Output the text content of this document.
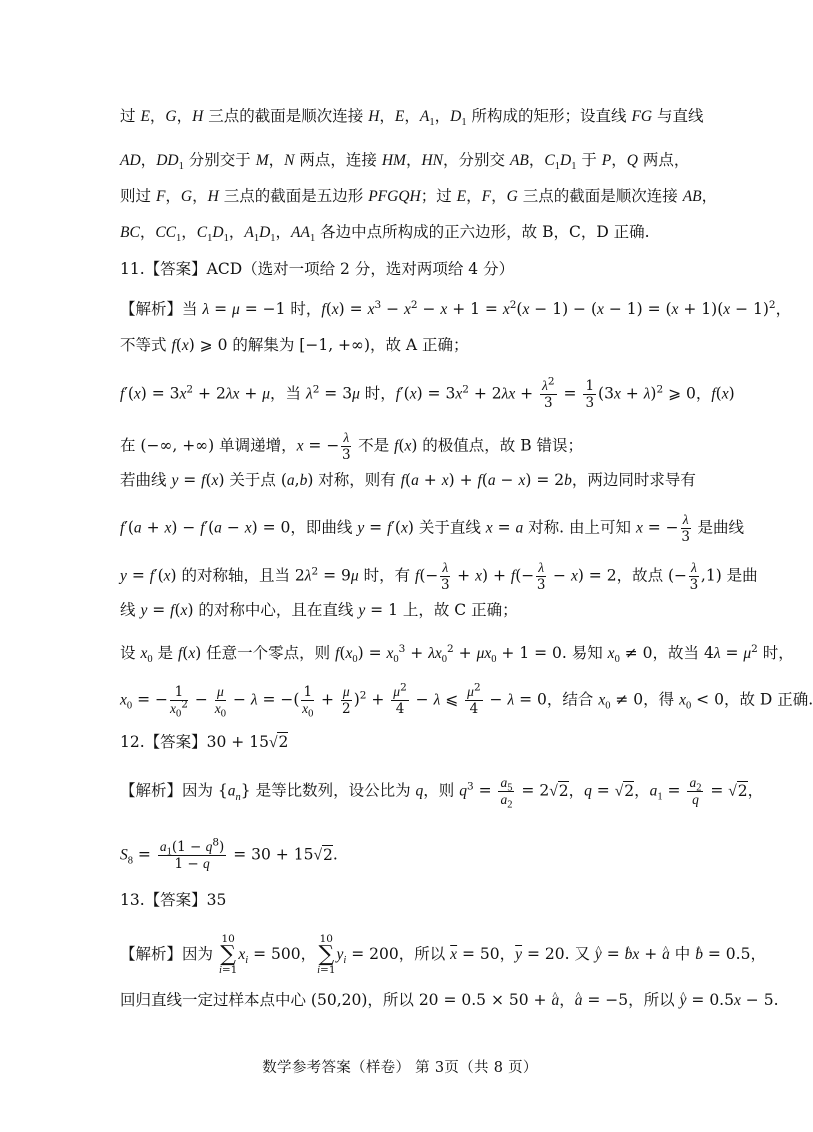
过 E，G，H 三点的截面是顺次连接 H，E，$A_1$，$D_1$ 所构成的矩形；设直线 FG 与直线
AD，$DD_1$ 分别交于 M，N 两点，连接 HM，HN，分别交 AB，$C_1D_1$ 于 P，Q 两点，
则过 F，G，H 三点的截面是五边形 PFGQH；过 E，F，G 三点的截面是顺次连接 AB，
BC，$CC_1$，$C_1D_1$，$A_1D_1$，$AA_1$ 各边中点所构成的正六边形，故 B，C，D 正确.
11.【答案】ACD（选对一项给 2 分，选对两项给 4 分）
【解析】当 λ = μ = −1 时，$f(x) = x^3 - x^2 - x + 1 = x^2(x - 1) - (x - 1) = (x + 1)(x - 1)^2$，
不等式 f(x) ⩾ 0 的解集为 [−1, +∞)，故 A 正确；
$f'(x) = 3x^2 + 2\lambda x + \mu$，当 $\lambda^2 = 3\mu$ 时，$f'(x) = 3x^2 + 2\lambda x + \frac{\lambda^2}{3} = \frac{1}{3} (3x + \lambda)^2$ ⩾ 0，f(x)
在 (−∞, +∞) 单调递增，x = − $\frac{\lambda}{3}$ 不是 f(x) 的极值点，故 B 错误；
若曲线 y = f(x) 关于点 (a,b) 对称，则有 f(a + x) + f(a − x) = 2b，两边同时求导有
f′(a + x) − f′(a − x) = 0，即曲线 y = f′(x) 关于直线 x = a 对称. 由上可知 x = − $\frac{\lambda}{3}$ 是曲线
y = f′(x) 的对称轴，且当 $2\lambda^2 = 9\mu$ 时，有 $f(- \frac{\lambda}{3} + x) + f(- \frac{\lambda}{3} - x) = 2$，故点 (− $\frac{\lambda}{3} ,1$) 是曲
线 y = f(x) 的对称中心，且在直线 y = 1 上，故 C 正确；
设 $x_0$ 是 f(x) 任意一个零点，则 $f(x_0) = x_0^3 + \lambda x_0^2 + \mu x_0 + 1 = 0$. 易知 $x_0 \ne 0$，故当 $4\lambda = \mu^2$ 时，
$x_0$ = − $\frac{1}{x_0^2} - \frac{\mu}{x_0} - \lambda$ = −( $\frac{1}{x_0} + \frac{\mu}{2} )^2 + \frac{\mu^2}{4} - \lambda$ ⩽ $\frac{\mu^2}{4} - \lambda = 0$，结合 $x_0 \ne 0$，得 $x_0 < 0$，故 D 正确.
12.【答案】30 + 15√2
【解析】因为 $\{a_n\}$ 是等比数列，设公比为 q，则 $q^3 = \frac{a_5}{a_2} = 2√2$，q = √2，$a_1 = \frac{a_2}{q} = √2$，
$S_8 = \frac{a_1(1 - q^8)}{1 - q} = 30 + 15√2$.
13.【答案】35
【解析】因为
10
∑
i=1
$x_i = 500$，
10
∑
i=1
$y_i = 200$，所以 $\overline{x} = 50$，$\overline{y} = 20$. 又 ^ y = ^ bx + ^ a 中 ^ b = 0.5，
回归直线一定过样本点中心 (50,20)，所以 20 = 0.5 × 50 + ^ a，^ a = −5，所以 ^ y = 0.5x − 5.
数学参考答案（样卷） 第 3页（共 8 页）
